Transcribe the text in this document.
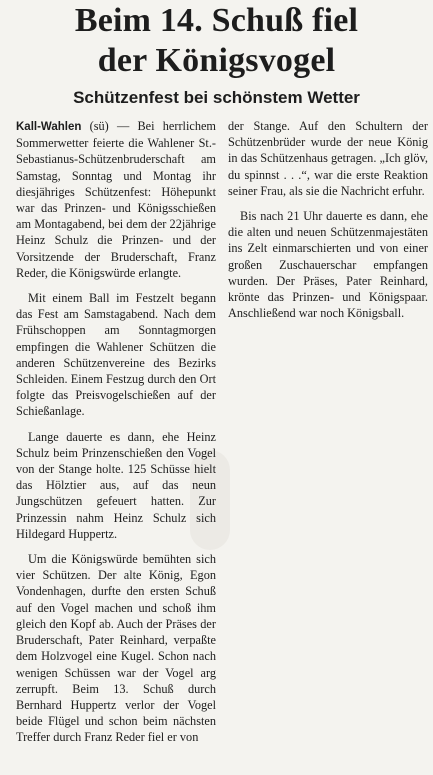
Beim 14. Schuß fiel
der Königsvogel
Schützenfest bei schönstem Wetter

Kall-Wahlen (sü) — Bei herrlichem Sommerwetter feierte die Wahlener St.-Sebastianus-Schützenbruderschaft am Samstag, Sonntag und Montag ihr diesjähriges Schützenfest: Höhepunkt war das Prinzen- und Königsschießen am Montagabend, bei dem der 22jährige Heinz Schulz die Prinzen- und der Vorsitzende der Bruderschaft, Franz Reder, die Königswürde erlangte.

Mit einem Ball im Festzelt begann das Fest am Samstagabend. Nach dem Frühschoppen am Sonntagmorgen empfingen die Wahlener Schützen die anderen Schützenvereine des Bezirks Schleiden. Einem Festzug durch den Ort folgte das Preisvogelschießen auf der Schießanlage.

Lange dauerte es dann, ehe Heinz Schulz beim Prinzenschießen den Vogel von der Stange holte. 125 Schüsse hielt das Hölztier aus, auf das neun Jungschützen gefeuert hatten. Zur Prinzessin nahm Heinz Schulz sich Hildegard Huppertz.

Um die Königswürde bemühten sich vier Schützen. Der alte König, Egon Vondenhagen, durfte den ersten Schuß auf den Vogel machen und schoß ihm gleich den Kopf ab. Auch der Präses der Bruderschaft, Pater Reinhard, verpaßte dem Holzvogel eine Kugel. Schon nach wenigen Schüssen war der Vogel arg zerrupft. Beim 13. Schuß durch Bernhard Huppertz verlor der Vogel beide Flügel und schon beim nächsten Treffer durch Franz Reder fiel er von

der Stange. Auf den Schultern der Schützenbrüder wurde der neue König in das Schützenhaus getragen. „Ich glöv, du spinnst . . .“, war die erste Reaktion seiner Frau, als sie die Nachricht erfuhr.

Bis nach 21 Uhr dauerte es dann, ehe die alten und neuen Schützenmajestäten ins Zelt einmarschierten und von einer großen Zuschauerschar empfangen wurden. Der Präses, Pater Reinhard, krönte das Prinzen- und Königspaar. Anschließend war noch Königsball.
